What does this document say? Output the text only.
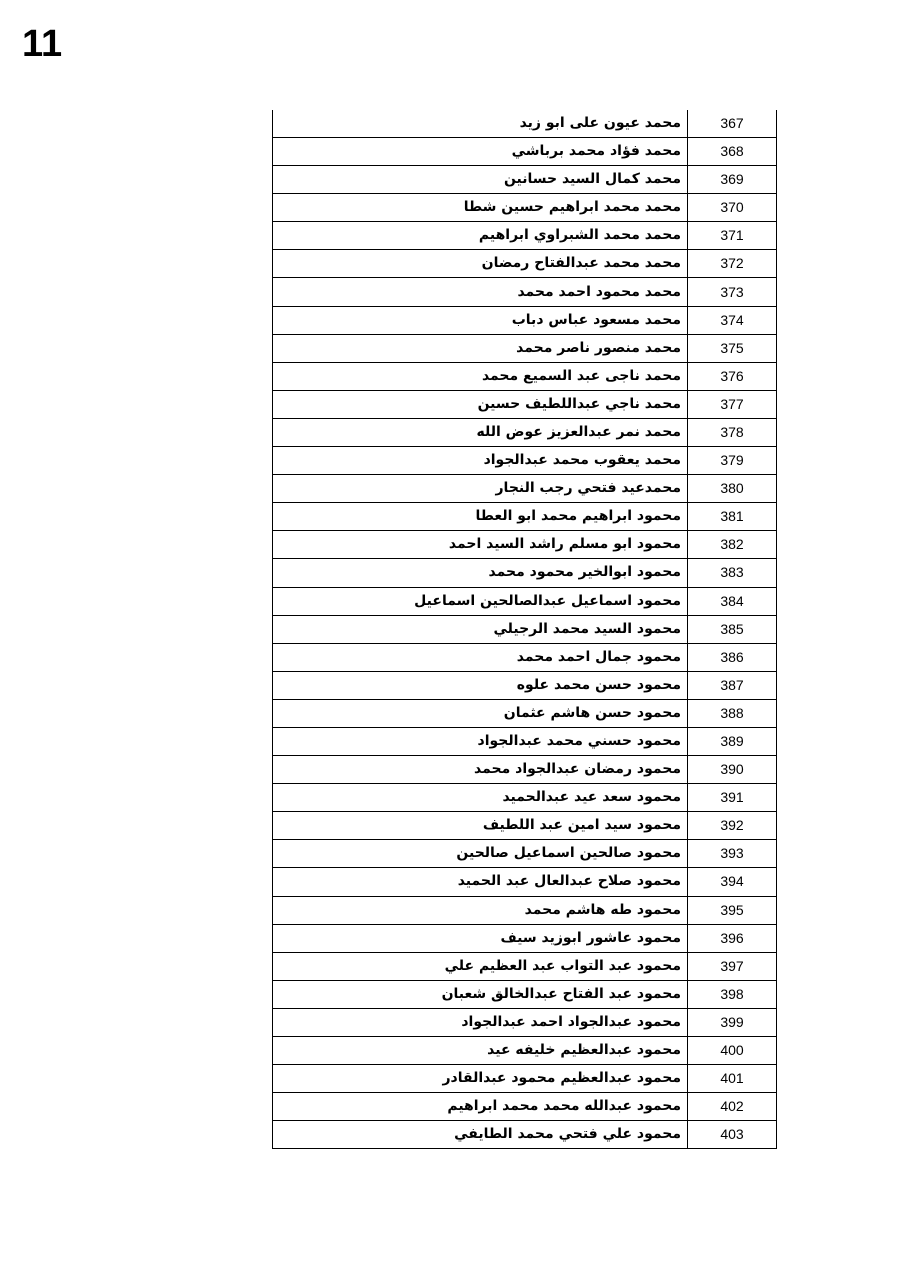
11
محمد عيون على ابو زيد	367
محمد فؤاد محمد برباشي	368
محمد كمال السيد حسانين	369
محمد محمد ابراهيم حسين شطا	370
محمد محمد الشبراوي ابراهيم	371
محمد محمد عبدالفتاح رمضان	372
محمد محمود احمد محمد	373
محمد مسعود عباس دباب	374
محمد منصور ناصر محمد	375
محمد ناجى عبد السميع محمد	376
محمد ناجي عبداللطيف حسين	377
محمد نمر عبدالعزيز عوض الله	378
محمد يعقوب محمد عبدالجواد	379
محمدعيد فتحي رجب النجار	380
محمود ابراهيم محمد ابو العطا	381
محمود ابو مسلم راشد السيد احمد	382
محمود ابوالخير محمود محمد	383
محمود اسماعيل عبدالصالحين اسماعيل	384
محمود السيد محمد الرجيلي	385
محمود جمال احمد محمد	386
محمود حسن محمد علوه	387
محمود حسن هاشم عثمان	388
محمود حسني محمد عبدالجواد	389
محمود رمضان عبدالجواد محمد	390
محمود سعد عيد عبدالحميد	391
محمود سيد امين عبد اللطيف	392
محمود صالحين اسماعيل صالحين	393
محمود صلاح عبدالعال عبد الحميد	394
محمود طه هاشم محمد	395
محمود عاشور ابوزيد سيف	396
محمود عبد التواب عبد العظيم علي	397
محمود عبد الفتاح عبدالخالق شعبان	398
محمود عبدالجواد احمد عبدالجواد	399
محمود عبدالعظيم خليفه عيد	400
محمود عبدالعظيم محمود عبدالقادر	401
محمود عبدالله محمد محمد ابراهيم	402
محمود علي فتحي محمد الطايفي	403
